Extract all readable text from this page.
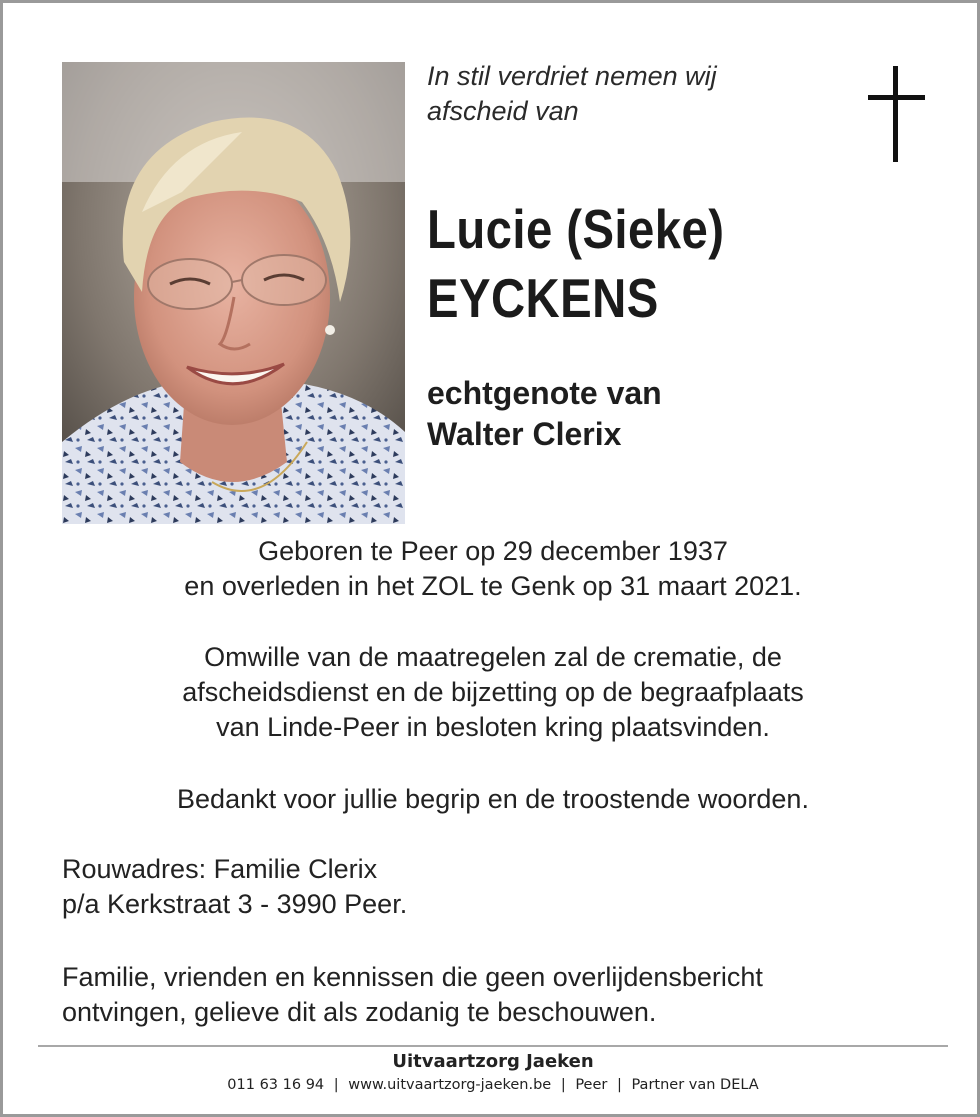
In stil verdriet nemen wij
afscheid van
Lucie (Sieke)
EYCKENS
echtgenote van
Walter Clerix
Geboren te Peer op 29 december 1937
en overleden in het ZOL te Genk op 31 maart 2021.
Omwille van de maatregelen zal de crematie, de
afscheidsdienst en de bijzetting op de begraafplaats
van Linde-Peer in besloten kring plaatsvinden.
Bedankt voor jullie begrip en de troostende woorden.
Rouwadres: Familie Clerix
p/a Kerkstraat 3 - 3990 Peer.
Familie, vrienden en kennissen die geen overlijdensbericht
ontvingen, gelieve dit als zodanig te beschouwen.
Uitvaartzorg Jaeken
011 63 16 94 | www.uitvaartzorg-jaeken.be | Peer | Partner van DELA
